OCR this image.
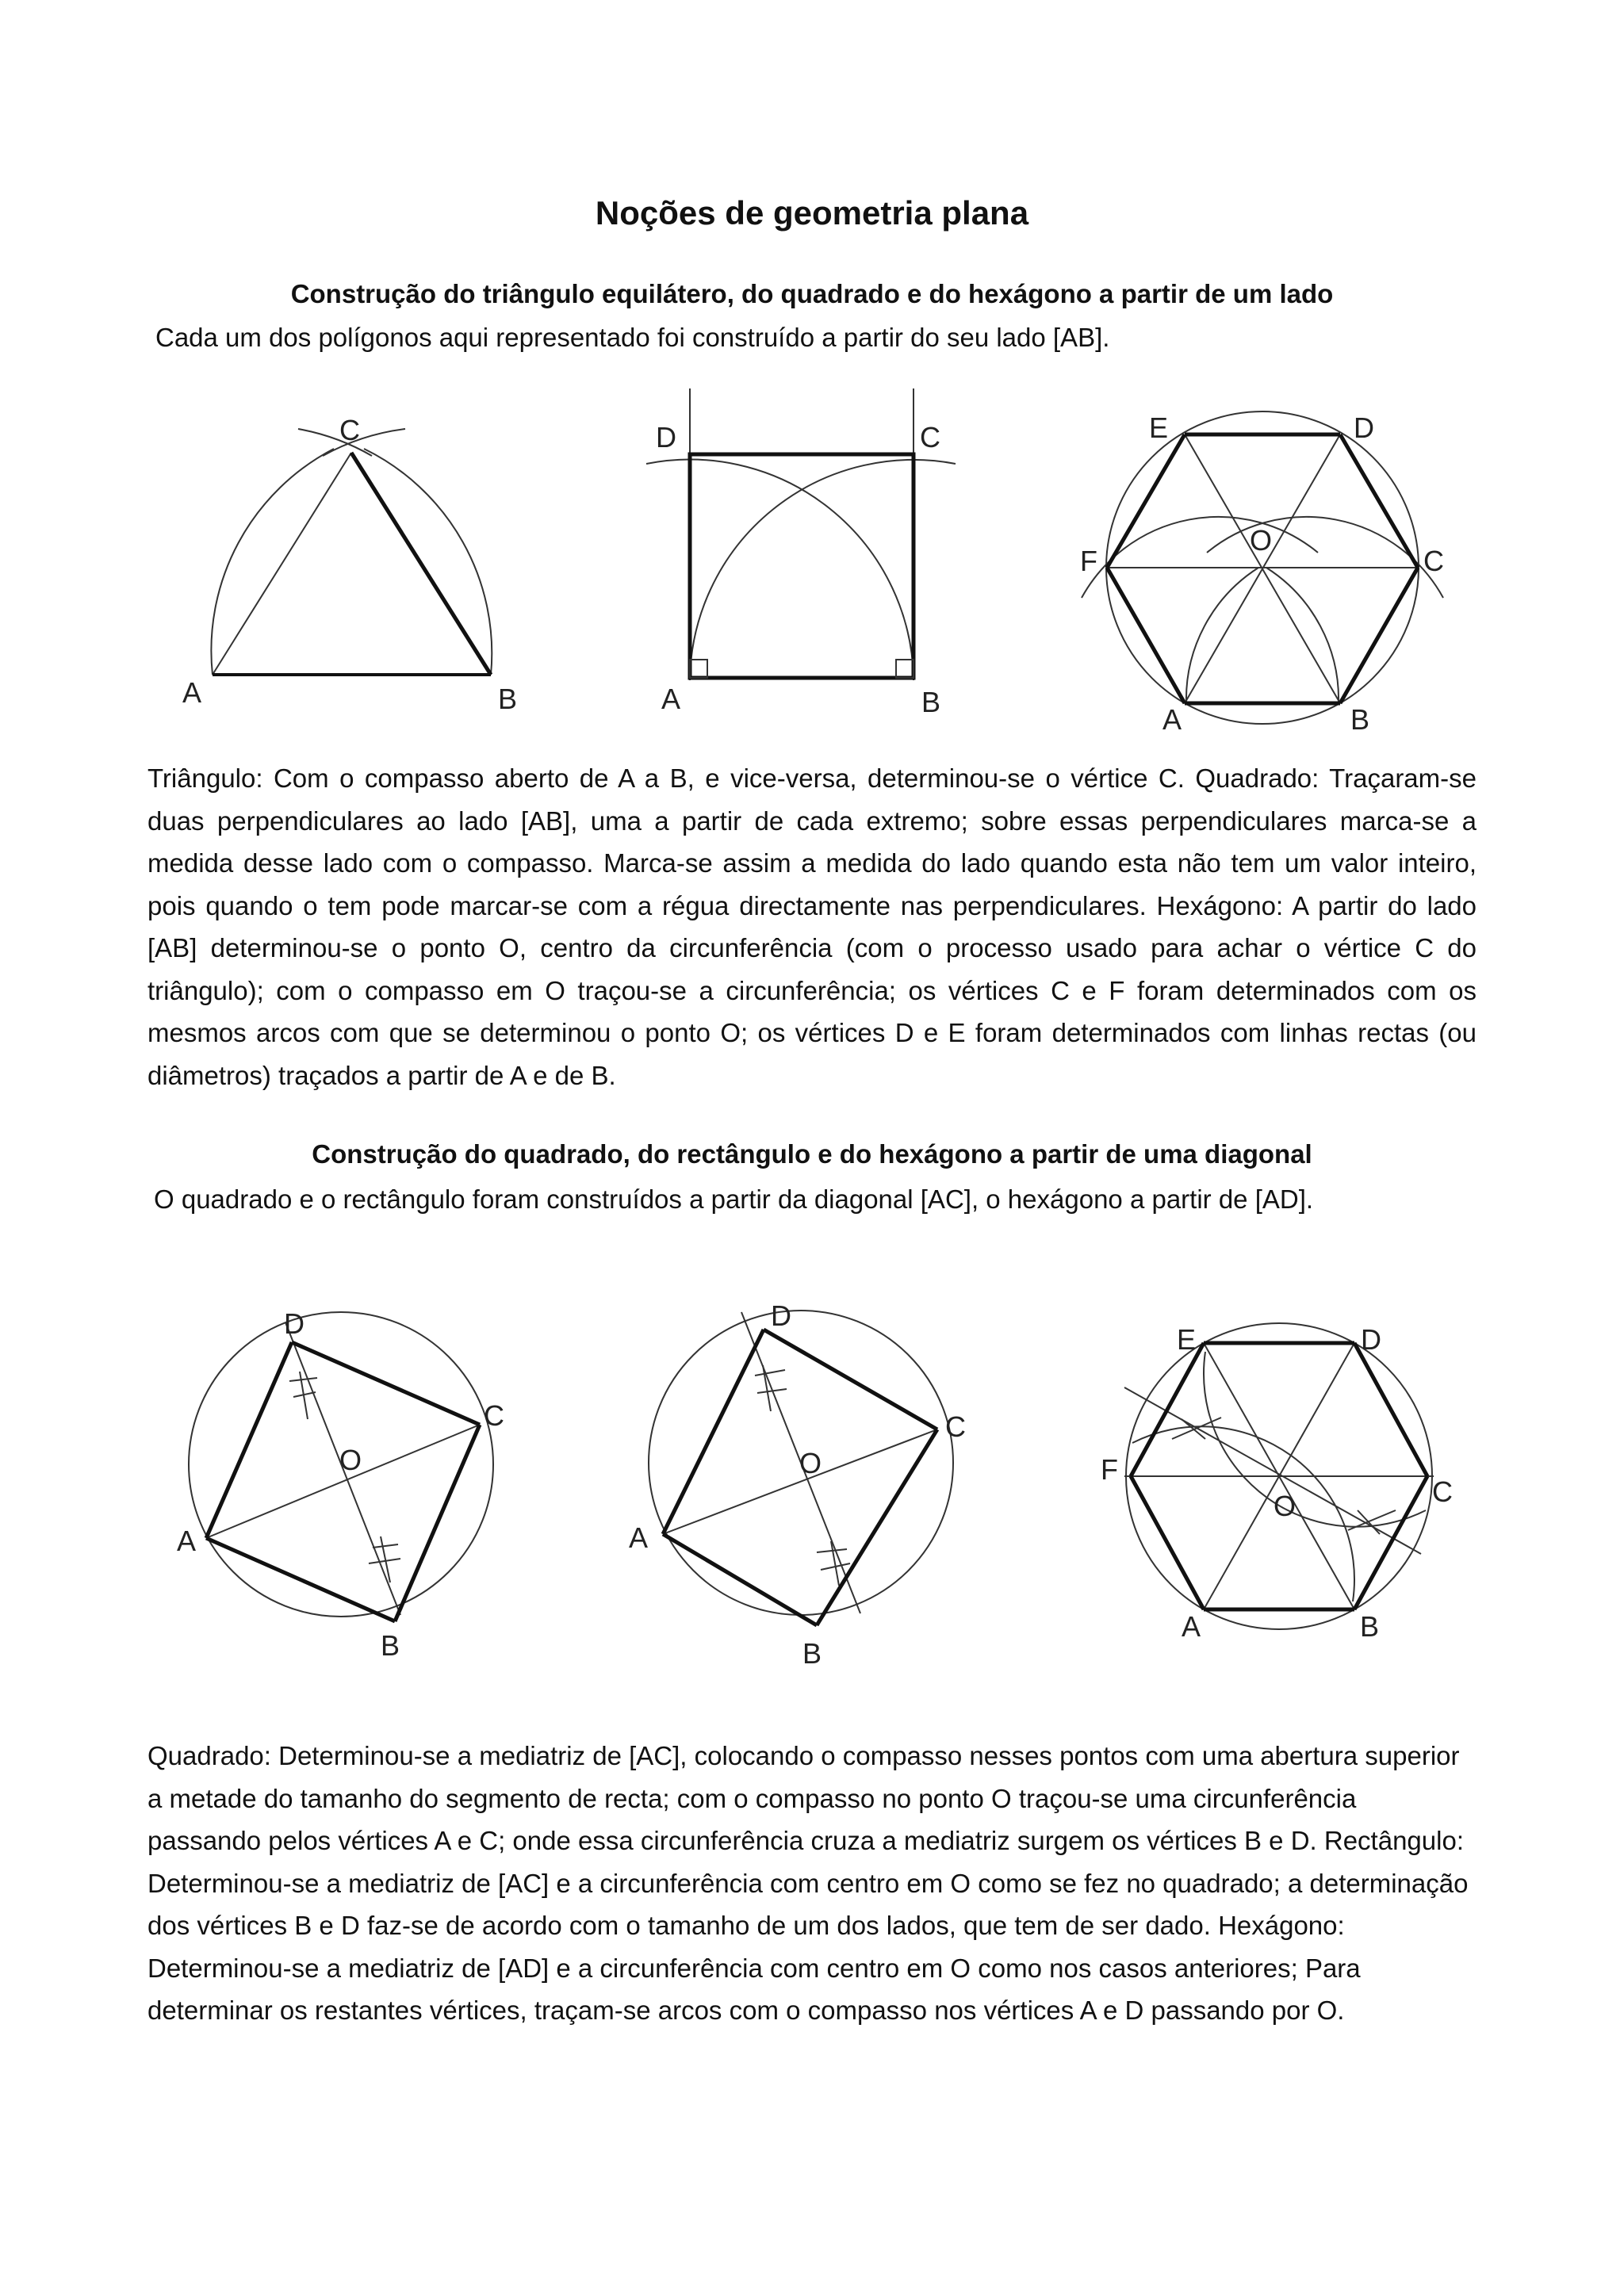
Noções de geometria plana

Construção do triângulo equilátero, do quadrado e do hexágono a partir de um lado

Cada um dos polígonos aqui representado foi construído a partir do seu lado [AB].

C
A	B
D	C
A	B
E	D
O
F	C
A	B

Triângulo: Com o compasso aberto de A a B, e vice-versa, determinou-se o vértice C. Quadrado: Traçaram-se duas perpendiculares ao lado [AB], uma a partir de cada extremo; sobre essas perpendiculares marca-se a medida desse lado com o compasso. Marca-se assim a medida do lado quando esta não tem um valor inteiro, pois quando o tem pode marcar-se com a régua directamente nas perpendiculares. Hexágono: A partir do lado [AB] determinou-se o ponto O, centro da circunferência (com o processo usado para achar o vértice C do triângulo); com o compasso em O traçou-se a circunferência; os vértices C e F foram determinados com os mesmos arcos com que se determinou o ponto O; os vértices D e E foram determinados com linhas rectas (ou diâmetros) traçados a partir de A e de B.

Construção do quadrado, do rectângulo e do hexágono a partir de uma diagonal

O quadrado e o rectângulo foram construídos a partir da diagonal [AC], o hexágono a partir de [AD].

D
C
O
A
B
D
C
O
A
B
E	D
F
C
O
A	B

Quadrado: Determinou-se a mediatriz de [AC], colocando o compasso nesses pontos com uma abertura superior a metade do tamanho do segmento de recta; com o compasso no ponto O traçou-se uma circunferência passando pelos vértices A e C; onde essa circunferência cruza a mediatriz surgem os vértices B e D. Rectângulo: Determinou-se a mediatriz de [AC] e a circunferência com centro em O como se fez no quadrado; a determinação dos vértices B e D faz-se de acordo com o tamanho de um dos lados, que tem de ser dado. Hexágono: Determinou-se a mediatriz de [AD] e a circunferência com centro em O como nos casos anteriores; Para determinar os restantes vértices, traçam-se arcos com o compasso nos vértices A e D passando por O.
